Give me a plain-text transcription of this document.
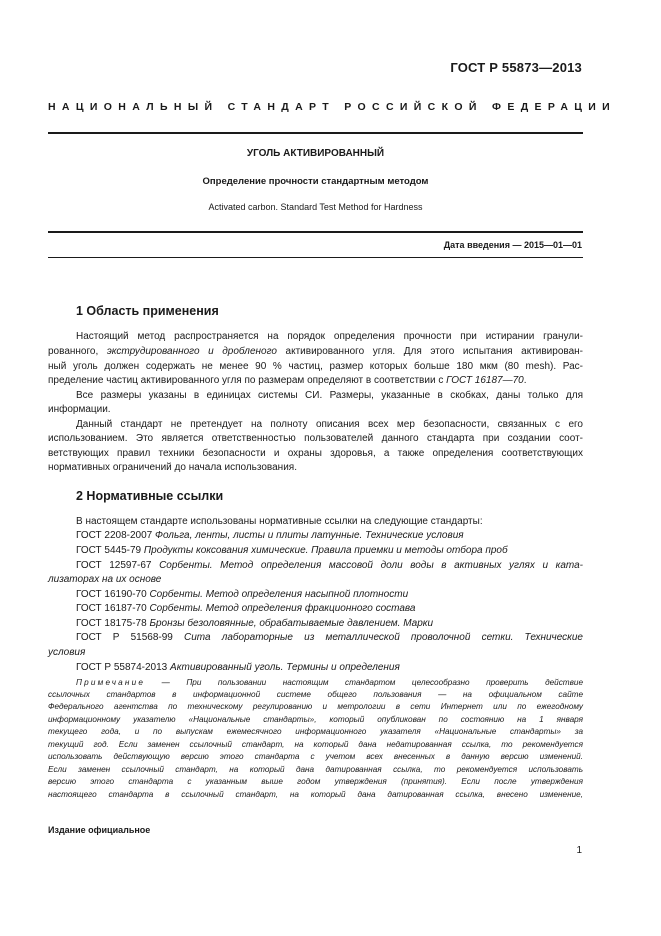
ГОСТ Р 55873—2013
НАЦИОНАЛЬНЫЙ СТАНДАРТ РОССИЙСКОЙ ФЕДЕРАЦИИ
УГОЛЬ АКТИВИРОВАННЫЙ
Определение прочности стандартным методом
Activated carbon. Standard Test Method for Hardness
Дата введения — 2015—01—01
1 Область применения
Настоящий метод распространяется на порядок определения прочности при истирании гранули-
рованного, экструдированного и дробленого активированного угля. Для этого испытания активирован-
ный уголь должен содержать не менее 90 % частиц, размер которых больше 180 мкм (80 mesh). Рас-
пределение частиц активированного угля по размерам определяют в соответствии с ГОСТ 16187—70.
Все размеры указаны в единицах системы СИ. Размеры, указанные в скобках, даны только для
информации.
Данный стандарт не претендует на полноту описания всех мер безопасности, связанных с его
использованием. Это является ответственностью пользователей данного стандарта при создании соот-
ветствующих правил техники безопасности и охраны здоровья, а также определения соответствующих
нормативных ограничений до начала использования.
2 Нормативные ссылки
В настоящем стандарте использованы нормативные ссылки на следующие стандарты:
ГОСТ 2208-2007 Фольга, ленты, листы и плиты латунные. Технические условия
ГОСТ 5445-79 Продукты коксования химические. Правила приемки и методы отбора проб
ГОСТ 12597-67 Сорбенты. Метод определения массовой доли воды в активных углях и ката-
лизаторах на их основе
ГОСТ 16190-70 Сорбенты. Метод определения насыпной плотности
ГОСТ 16187-70 Сорбенты. Метод определения фракционного состава
ГОСТ 18175-78 Бронзы безоловянные, обрабатываемые давлением. Марки
ГОСТ Р 51568-99 Сита лабораторные из металлической проволочной сетки. Технические
условия
ГОСТ Р 55874-2013 Активированный уголь. Термины и определения
Примечание — При пользовании настоящим стандартом целесообразно проверить действие
ссылочных стандартов в информационной системе общего пользования — на официальном сайте
Федерального агентства по техническому регулированию и метрологии в сети Интернет или по ежегодному
информационному указателю «Национальные стандарты», который опубликован по состоянию на 1 января
текущего года, и по выпускам ежемесячного информационного указателя «Национальные стандарты» за
текущий год. Если заменен ссылочный стандарт, на который дана недатированная ссылка, то рекомендуется
использовать действующую версию этого стандарта с учетом всех внесенных в данную версию изменений.
Если заменен ссылочный стандарт, на который дана датированная ссылка, то рекомендуется использовать
версию этого стандарта с указанным выше годом утверждения (принятия). Если после утверждения
настоящего стандарта в ссылочный стандарт, на который дана датированная ссылка, внесено изменение,
Издание официальное
1
